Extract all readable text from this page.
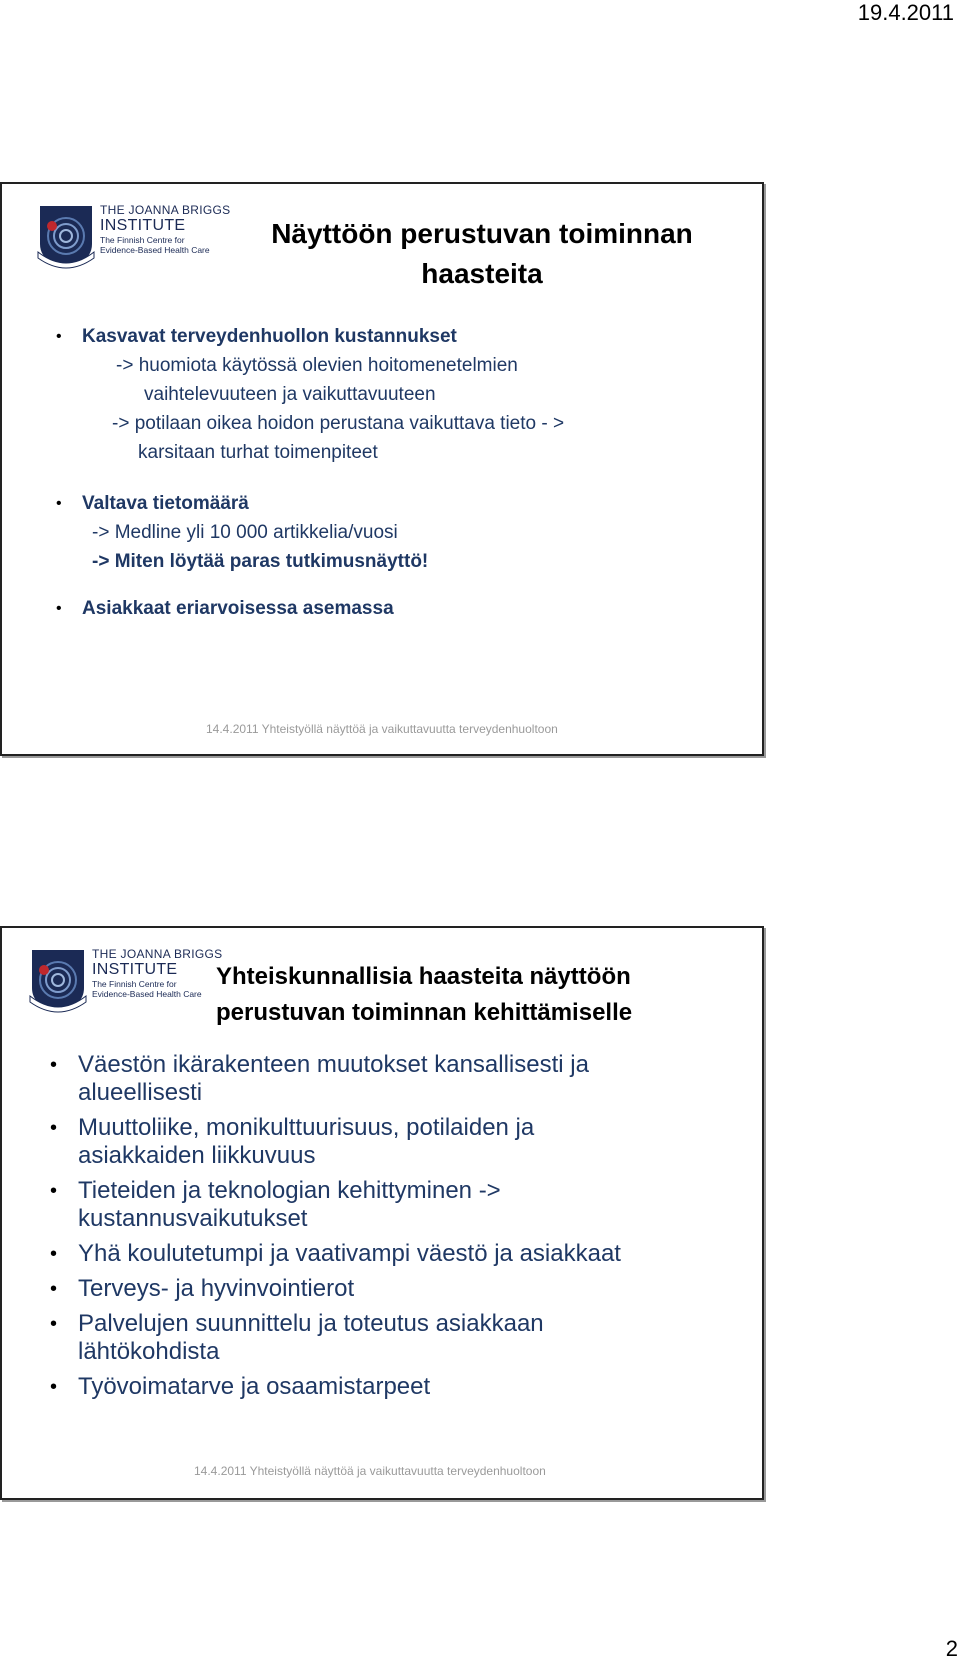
19.4.2011
THE JOANNA BRIGGS
INSTITUTE
The Finnish Centre for
Evidence-Based Health Care
Näyttöön perustuvan toiminnan haasteita
• Kasvavat terveydenhuollon kustannukset
-> huomiota käytössä olevien hoitomenetelmien
vaihtelevuuteen ja vaikuttavuuteen
-> potilaan oikea hoidon perustana vaikuttava tieto - >
karsitaan turhat toimenpiteet
• Valtava tietomäärä
-> Medline yli 10 000 artikkelia/vuosi
-> Miten löytää paras tutkimusnäyttö!
• Asiakkaat eriarvoisessa asemassa
14.4.2011 Yhteistyöllä näyttöä ja vaikuttavuutta terveydenhuoltoon
THE JOANNA BRIGGS
INSTITUTE
The Finnish Centre for
Evidence-Based Health Care
Yhteiskunnallisia haasteita näyttöön
perustuvan toiminnan kehittämiselle
• Väestön ikärakenteen muutokset kansallisesti ja
alueellisesti
• Muuttoliike, monikulttuurisuus, potilaiden ja
asiakkaiden liikkuvuus
• Tieteiden ja teknologian kehittyminen ->
kustannusvaikutukset
• Yhä koulutetumpi ja vaativampi väestö ja asiakkaat
• Terveys- ja hyvinvointierot
• Palvelujen suunnittelu ja toteutus asiakkaan
lähtökohdista
• Työvoimatarve ja osaamistarpeet
14.4.2011 Yhteistyöllä näyttöä ja vaikuttavuutta terveydenhuoltoon
2
